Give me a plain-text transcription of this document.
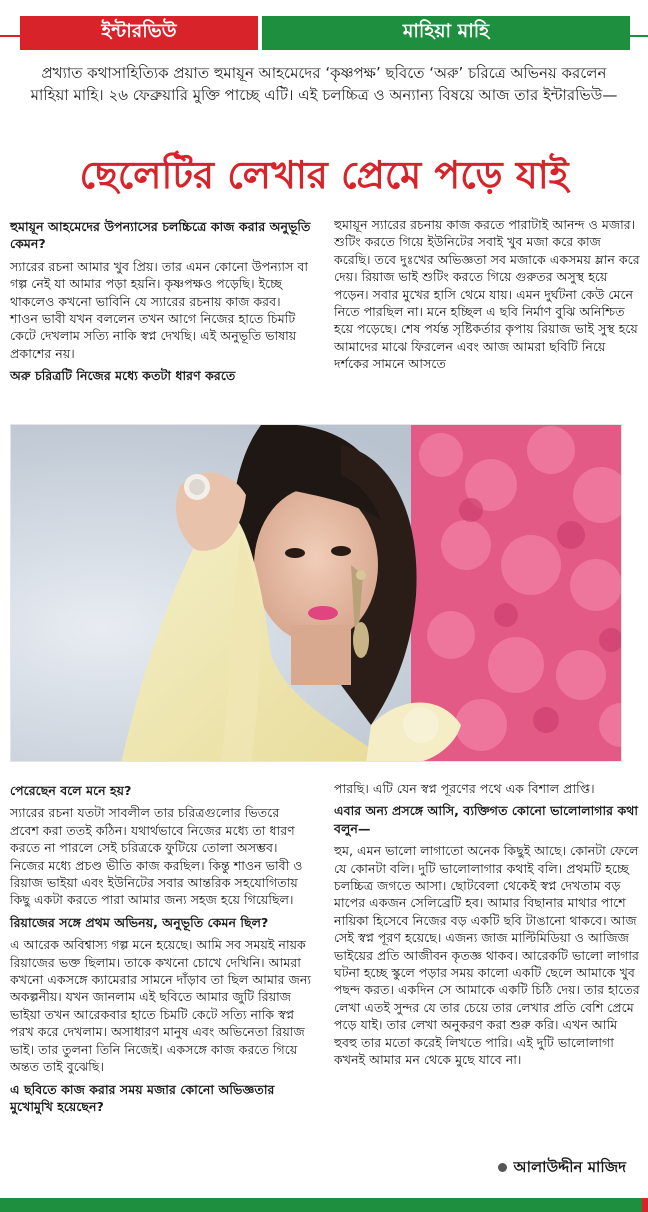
ইন্টারভিউ	মাহিয়া মাহি

প্রখ্যাত কথাসাহিত্যিক প্রয়াত হুমায়ূন আহমেদের ‘কৃষ্ণপক্ষ’ ছবিতে ‘অরু’ চরিত্রে অভিনয় করলেন মাহিয়া মাহি। ২৬ ফেব্রুয়ারি মুক্তি পাচ্ছে এটি। এই চলচ্চিত্র ও অন্যান্য বিষয়ে আজ তার ইন্টারভিউ—

ছেলেটির লেখার প্রেমে পড়ে যাই

হুমায়ূন আহমেদের উপন্যাসের চলচ্চিত্রে কাজ করার অনুভূতি কেমন?

স্যারের রচনা আমার খুব প্রিয়। তার এমন কোনো উপন্যাস বা গল্প নেই যা আমার পড়া হয়নি। কৃষ্ণপক্ষও পড়েছি। ইচ্ছে থাকলেও কখনো ভাবিনি যে স্যারের রচনায় কাজ করব। শাওন ভাবী যখন বললেন তখন আগে নিজের হাতে চিমটি কেটে দেখলাম সত্যি নাকি স্বপ্ন দেখছি। এই অনুভূতি ভাষায় প্রকাশের নয়।

অরু চরিত্রটি নিজের মধ্যে কতটা ধারণ করতে

হুমায়ূন স্যারের রচনায় কাজ করতে পারাটাই আনন্দ ও মজার। শুটিং করতে গিয়ে ইউনিটের সবাই খুব মজা করে কাজ করেছি। তবে দুঃখের অভিজ্ঞতা সব মজাকে একসময় ম্লান করে দেয়। রিয়াজ ভাই শুটিং করতে গিয়ে গুরুতর অসুস্থ হয়ে পড়েন। সবার মুখের হাসি থেমে যায়। এমন দুর্ঘটনা কেউ মেনে নিতে পারছিল না। মনে হচ্ছিল এ ছবি নির্মাণ বুঝি অনিশ্চিত হয়ে পড়েছে। শেষ পর্যন্ত সৃষ্টিকর্তার কৃপায় রিয়াজ ভাই সুস্থ হয়ে আমাদের মাঝে ফিরলেন এবং আজ আমরা ছবিটি নিয়ে দর্শকের সামনে আসতে

পেরেছেন বলে মনে হয়?

স্যারের রচনা যতটা সাবলীল তার চরিত্রগুলোর ভিতরে প্রবেশ করা ততই কঠিন। যথার্থভাবে নিজের মধ্যে তা ধারণ করতে না পারলে সেই চরিত্রকে ফুটিয়ে তোলা অসম্ভব। নিজের মধ্যে প্রচণ্ড ভীতি কাজ করছিল। কিন্তু শাওন ভাবী ও রিয়াজ ভাইয়া এবং ইউনিটের সবার আন্তরিক সহযোগিতায় কিছু একটা করতে পারা আমার জন্য সহজ হয়ে গিয়েছিল।

রিয়াজের সঙ্গে প্রথম অভিনয়, অনুভূতি কেমন ছিল?

এ আরেক অবিশ্বাস্য গল্প মনে হয়েছে। আমি সব সময়ই নায়ক রিয়াজের ভক্ত ছিলাম। তাকে কখনো চোখে দেখিনি। আমরা কখনো একসঙ্গে ক্যামেরার সামনে দাঁড়াব তা ছিল আমার জন্য অকল্পনীয়। যখন জানলাম এই ছবিতে আমার জুটি রিয়াজ ভাইয়া তখন আরেকবার হাতে চিমটি কেটে সত্যি নাকি স্বপ্ন পরখ করে দেখলাম। অসাধারণ মানুষ এবং অভিনেতা রিয়াজ ভাই। তার তুলনা তিনি নিজেই। একসঙ্গে কাজ করতে গিয়ে অন্তত তাই বুঝেছি।

এ ছবিতে কাজ করার সময় মজার কোনো অভিজ্ঞতার মুখোমুখি হয়েছেন?

পারছি। এটি যেন স্বপ্ন পূরণের পথে এক বিশাল প্রাপ্তি।

এবার অন্য প্রসঙ্গে আসি, ব্যক্তিগত কোনো ভালোলাগার কথা বলুন—

হুম, এমন ভালো লাগাতো অনেক কিছুই আছে। কোনটা ফেলে যে কোনটা বলি। দুটি ভালোলাগার কথাই বলি। প্রথমটি হচ্ছে চলচ্চিত্র জগতে আসা। ছোটবেলা থেকেই স্বপ্ন দেখতাম বড় মাপের একজন সেলিব্রেটি হব। আমার বিছানার মাথার পাশে নায়িকা হিসেবে নিজের বড় একটি ছবি টাঙানো থাকবে। আজ সেই স্বপ্ন পূরণ হয়েছে। এজন্য জাজ মাল্টিমিডিয়া ও আজিজ ভাইয়ের প্রতি আজীবন কৃতজ্ঞ থাকব। আরেকটি ভালো লাগার ঘটনা হচ্ছে স্কুলে পড়ার সময় কালো একটি ছেলে আমাকে খুব পছন্দ করত। একদিন সে আমাকে একটি চিঠি দেয়। তার হাতের লেখা এতই সুন্দর যে তার চেয়ে তার লেখার প্রতি বেশি প্রেমে পড়ে যাই। তার লেখা অনুকরণ করা শুরু করি। এখন আমি হুবহু তার মতো করেই লিখতে পারি। এই দুটি ভালোলাগা কখনই আমার মন থেকে মুছে যাবে না।

আলাউদ্দীন মাজিদ
